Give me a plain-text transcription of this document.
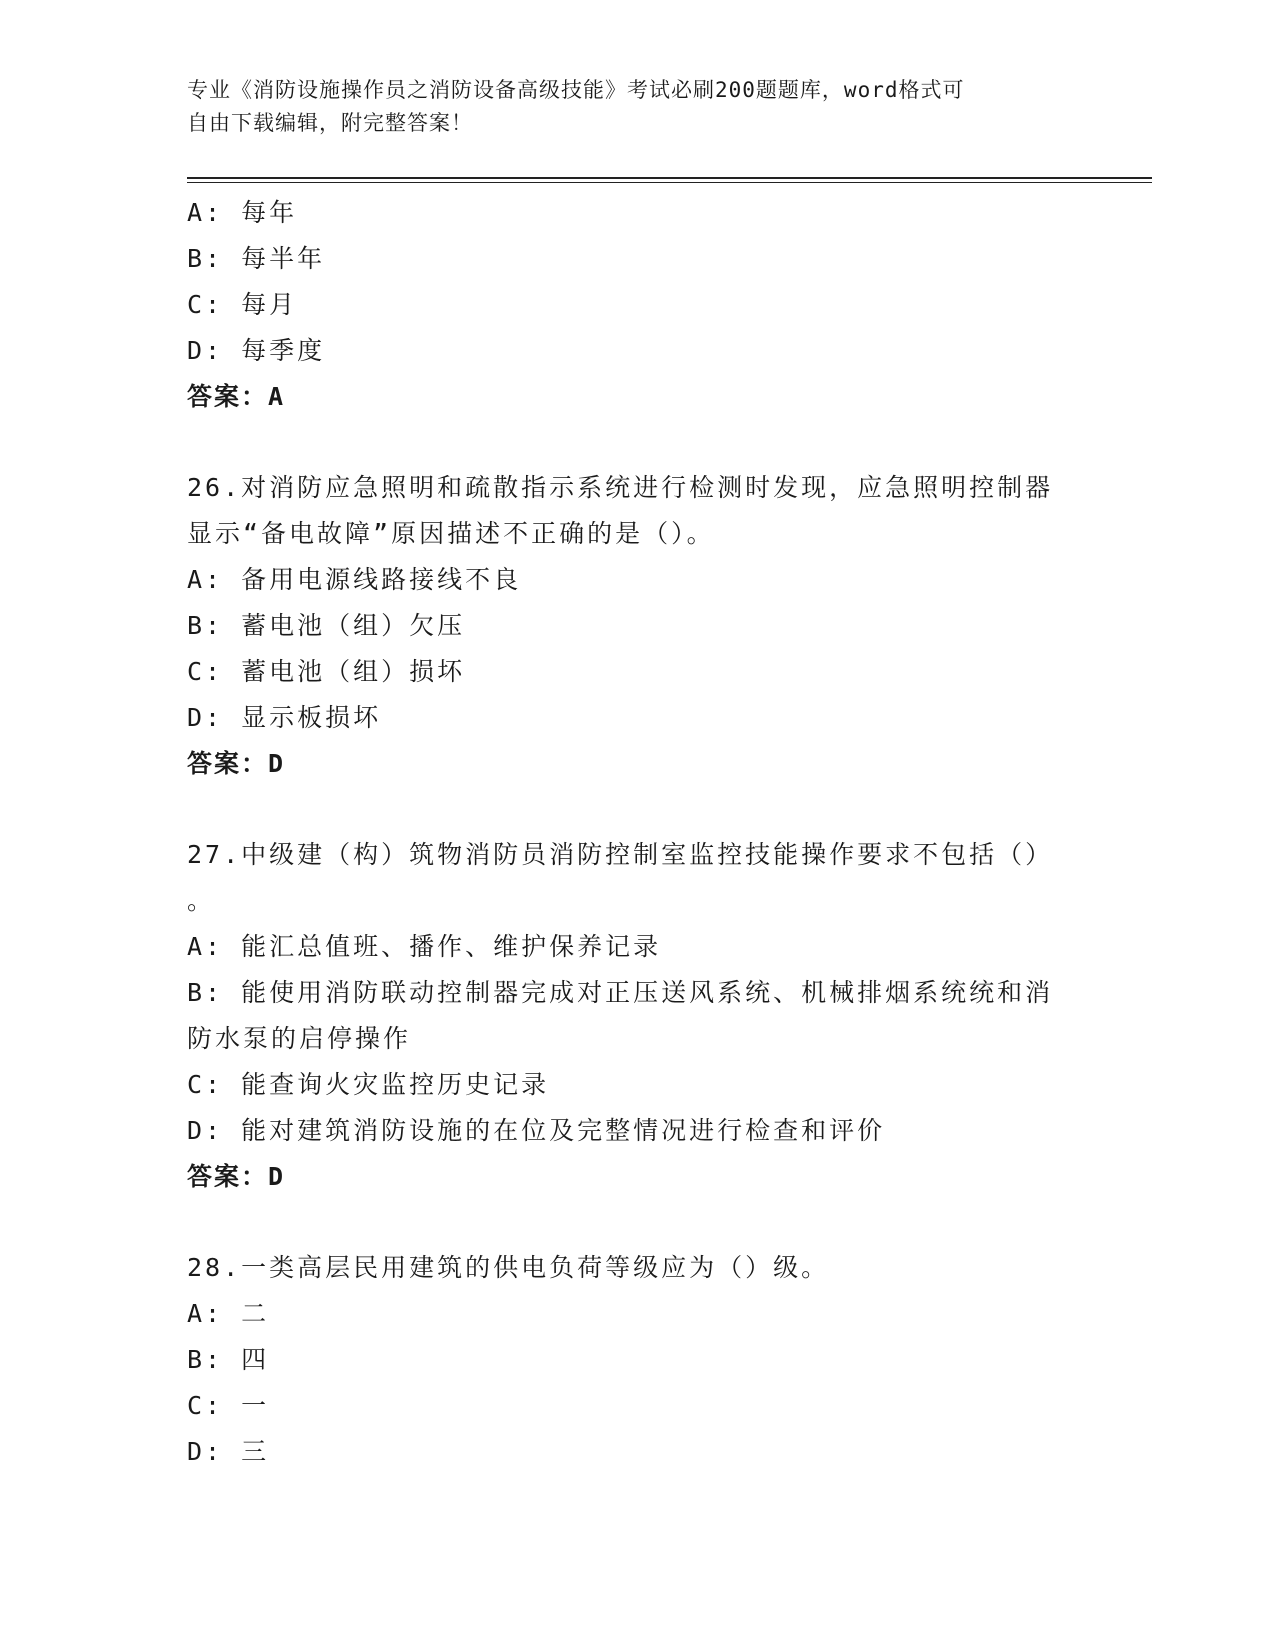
专业《消防设施操作员之消防设备高级技能》考试必刷200题题库，word格式可
自由下载编辑，附完整答案！
A: 每年
B: 每半年
C: 每月
D: 每季度
答案：A
26.对消防应急照明和疏散指示系统进行检测时发现，应急照明控制器
显示“备电故障”原因描述不正确的是（）。
A: 备用电源线路接线不良
B: 蓄电池（组）欠压
C: 蓄电池（组）损坏
D: 显示板损坏
答案：D
27.中级建（构）筑物消防员消防控制室监控技能操作要求不包括（）
。
A: 能汇总值班、播作、维护保养记录
B: 能使用消防联动控制器完成对正压送风系统、机械排烟系统统和消
防水泵的启停操作
C: 能查询火灾监控历史记录
D: 能对建筑消防设施的在位及完整情况进行检查和评价
答案：D
28.一类高层民用建筑的供电负荷等级应为（）级。
A: 二
B: 四
C: 一
D: 三
